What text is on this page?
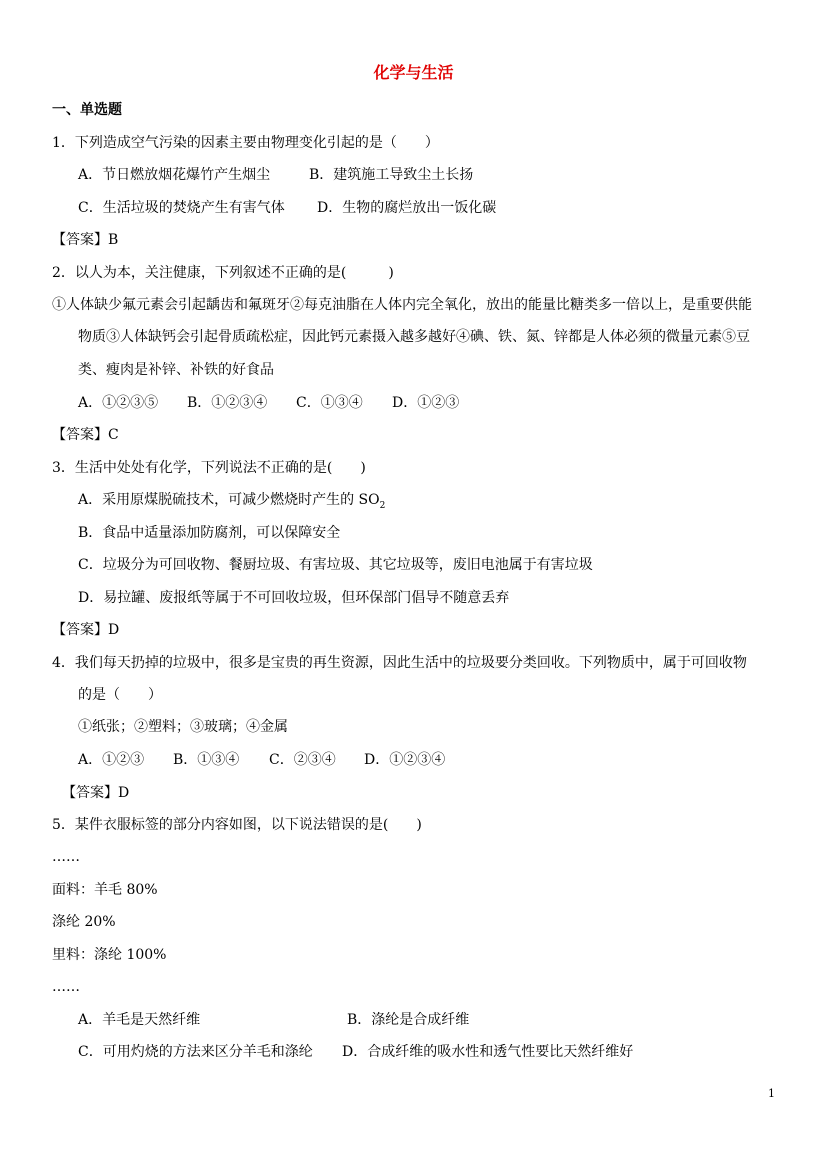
化学与生活
一、单选题
1．下列造成空气污染的因素主要由物理变化引起的是（　　）
A．节日燃放烟花爆竹产生烟尘	B．建筑施工导致尘土长扬
C．生活垃圾的焚烧产生有害气体 D．生物的腐烂放出一饭化碳
【答案】B
2．以人为本，关注健康，下列叙述不正确的是(　　　)
①人体缺少氟元素会引起龋齿和氟斑牙②每克油脂在人体内完全氧化，放出的能量比糖类多一倍以上，是重要供能
物质③人体缺钙会引起骨质疏松症，因此钙元素摄入越多越好④碘、铁、氮、锌都是人体必须的微量元素⑤豆
类、瘦肉是补锌、补铁的好食品
A．①②③⑤ B．①②③④ C．①③④ D．①②③
【答案】C
3．生活中处处有化学，下列说法不正确的是(　　)
A．采用原煤脱硫技术，可减少燃烧时产生的 $SO_2$
B．食品中适量添加防腐剂，可以保障安全
C．垃圾分为可回收物、餐厨垃圾、有害垃圾、其它垃圾等，废旧电池属于有害垃圾
D．易拉罐、废报纸等属于不可回收垃圾，但环保部门倡导不随意丢弃
【答案】D
4．我们每天扔掉的垃圾中，很多是宝贵的再生资源，因此生活中的垃圾要分类回收。下列物质中，属于可回收物
的是（　　）
①纸张；②塑料；③玻璃；④金属
A．①②③ B．①③④ C．②③④ D．①②③④
【答案】D
5．某件衣服标签的部分内容如图，以下说法错误的是(　　)
……
面料：羊毛 80%
涤纶 20%
里料：涤纶 100%
……
A．羊毛是天然纤维	B．涤纶是合成纤维
C．可用灼烧的方法来区分羊毛和涤纶 D．合成纤维的吸水性和透气性要比天然纤维好
1
